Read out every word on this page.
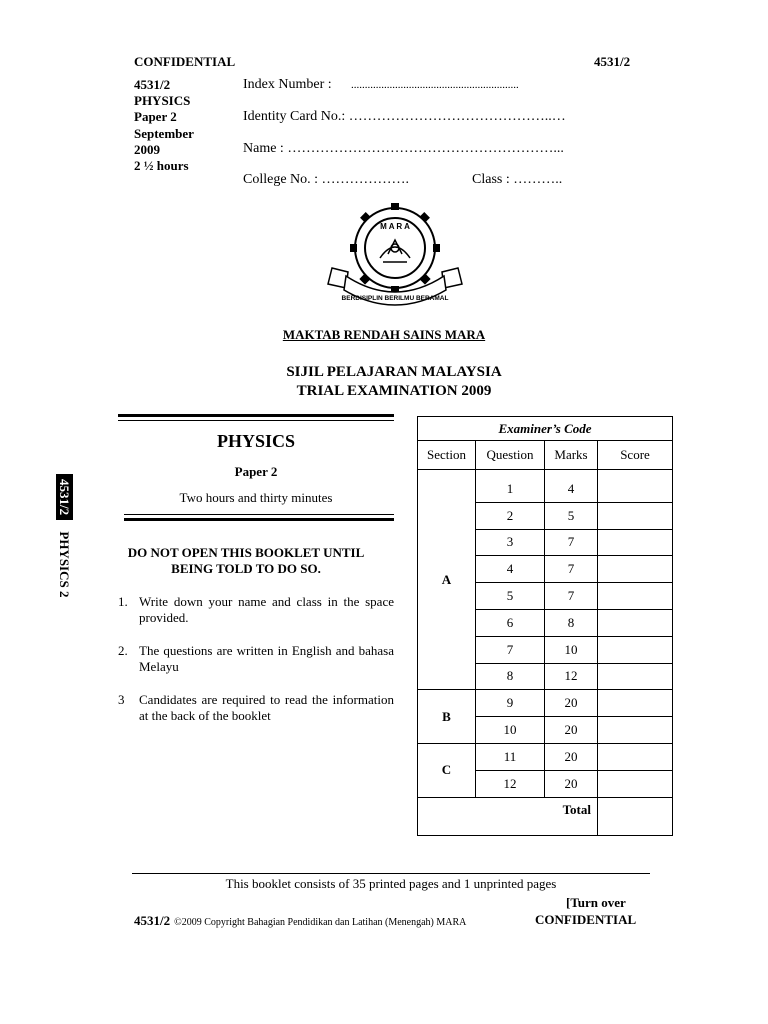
CONFIDENTIAL	4531/2
4531/2
PHYSICS
Paper 2
September
2009
2 ½ hours
Index Number : .............................................................
Identity Card No.: ……………………………………..…
Name : …………………………………………………...
College No. : ……………….	Class : ………..
M A R A
BERDISIPLIN BERILMU BERAMAL
MAKTAB RENDAH SAINS MARA
SIJIL PELAJARAN MALAYSIA
TRIAL EXAMINATION 2009
PHYSICS
Paper 2
Two hours and thirty minutes
4531/2 PHYSICS 2	DO NOT OPEN THIS BOOKLET UNTIL
BEING TOLD TO DO SO.
1. Write down your name and class in the space provided.
2. The questions are written in English and bahasa Melayu
3 Candidates are required to read the information at the back of the booklet
Examiner’s Code			
Section	Question	Marks	Score
A			
	1	4	
	2	5	
	3	7	
	4	7	
	5	7	
	6	8	
	7	10	
	8	12	
B	9	20	
	10	20	
C	11	20	
	12	20	
Total			
This booklet consists of 35 printed pages and 1 unprinted pages
[Turn over
4531/2 ©2009 Copyright Bahagian Pendidikan dan Latihan (Menengah) MARA	CONFIDENTIAL
